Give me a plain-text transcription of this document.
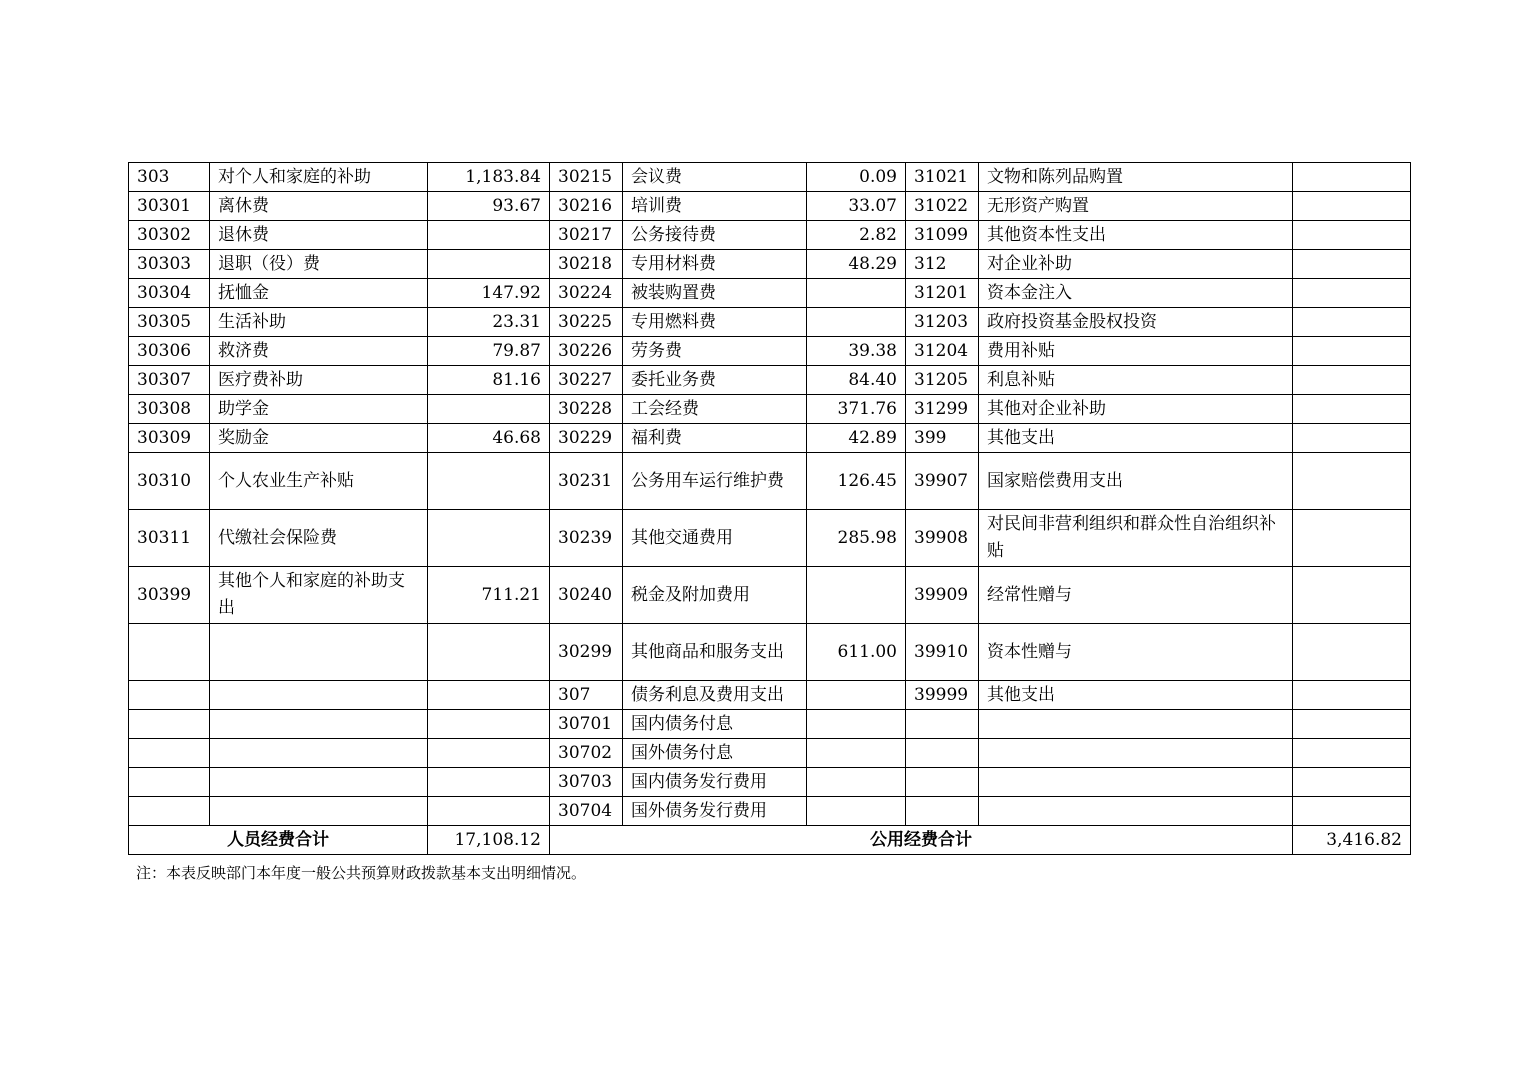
303	对个人和家庭的补助	1,183.84	30215	会议费	0.09	31021	文物和陈列品购置	
30301	离休费	93.67	30216	培训费	33.07	31022	无形资产购置	
30302	退休费		30217	公务接待费	2.82	31099	其他资本性支出	
30303	退职（役）费		30218	专用材料费	48.29	312	对企业补助	
30304	抚恤金	147.92	30224	被装购置费		31201	资本金注入	
30305	生活补助	23.31	30225	专用燃料费		31203	政府投资基金股权投资	
30306	救济费	79.87	30226	劳务费	39.38	31204	费用补贴	
30307	医疗费补助	81.16	30227	委托业务费	84.40	31205	利息补贴	
30308	助学金		30228	工会经费	371.76	31299	其他对企业补助	
30309	奖励金	46.68	30229	福利费	42.89	399	其他支出	
30310	个人农业生产补贴		30231	公务用车运行维护费	126.45	39907	国家赔偿费用支出	
30311	代缴社会保险费		30239	其他交通费用	285.98	39908	对民间非营利组织和群众性自治组织补贴	
30399	其他个人和家庭的补助支出	711.21	30240	税金及附加费用		39909	经常性赠与	
			30299	其他商品和服务支出	611.00	39910	资本性赠与	
			307	债务利息及费用支出		39999	其他支出	
			30701	国内债务付息				
			30702	国外债务付息				
			30703	国内债务发行费用				
			30704	国外债务发行费用				
人员经费合计		17,108.12	公用经费合计					3,416.82
注：本表反映部门本年度一般公共预算财政拨款基本支出明细情况。
